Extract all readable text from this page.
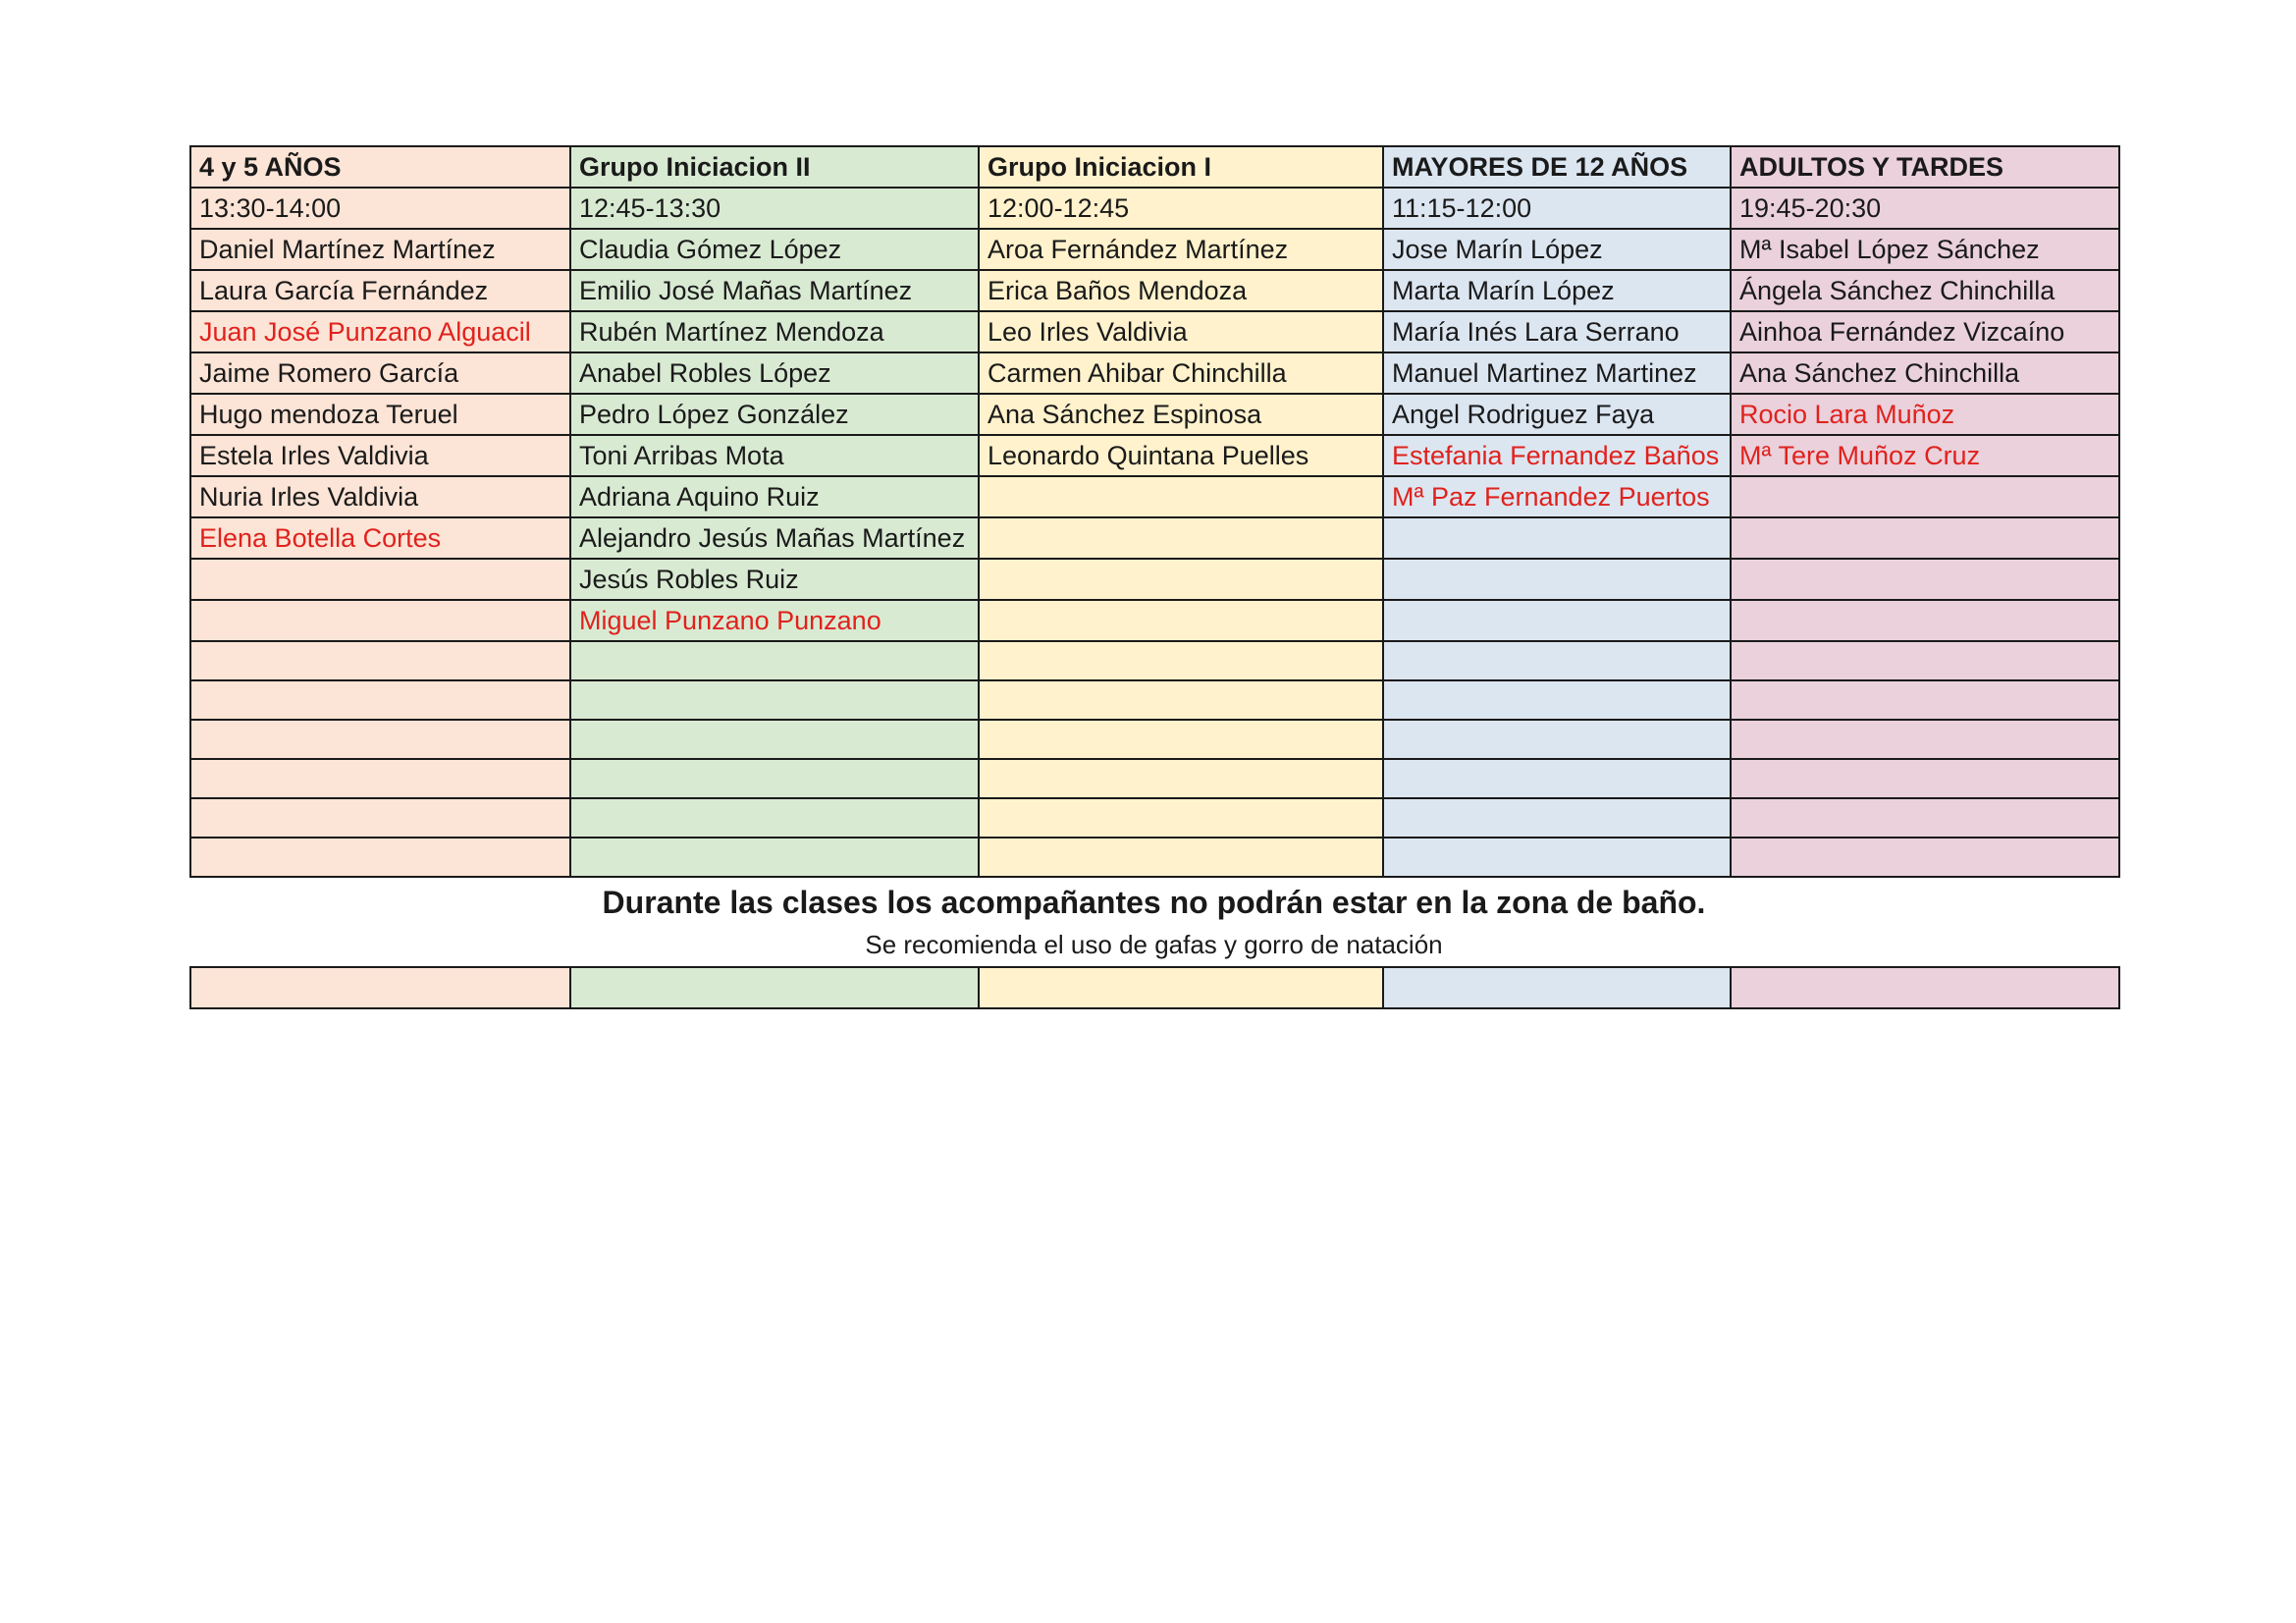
4 y 5 AÑOS	Grupo Iniciacion II	Grupo Iniciacion I	MAYORES DE 12 AÑOS	ADULTOS Y TARDES
13:30-14:00	12:45-13:30	12:00-12:45	11:15-12:00	19:45-20:30
Daniel Martínez Martínez	Claudia Gómez López	Aroa Fernández Martínez	Jose Marín López	Mª Isabel López Sánchez
Laura García Fernández	Emilio José Mañas Martínez	Erica Baños Mendoza	Marta Marín López	Ángela Sánchez Chinchilla
Juan José Punzano Alguacil	Rubén Martínez Mendoza	Leo Irles Valdivia	María Inés Lara Serrano	Ainhoa Fernández Vizcaíno
Jaime Romero García	Anabel Robles López	Carmen Ahibar Chinchilla	Manuel Martinez Martinez	Ana Sánchez Chinchilla
Hugo mendoza Teruel	Pedro López González	Ana Sánchez Espinosa	Angel Rodriguez Faya	Rocio Lara Muñoz
Estela Irles Valdivia	Toni Arribas Mota	Leonardo Quintana Puelles	Estefania Fernandez Baños	Mª Tere Muñoz Cruz
Nuria Irles Valdivia	Adriana Aquino Ruiz		Mª Paz Fernandez Puertos	
Elena Botella Cortes	Alejandro Jesús Mañas Martínez			
	Jesús Robles Ruiz			
	Miguel Punzano Punzano			

Durante las clases los acompañantes no podrán estar en la zona de baño.
Se recomienda el uso de gafas y gorro de natación
